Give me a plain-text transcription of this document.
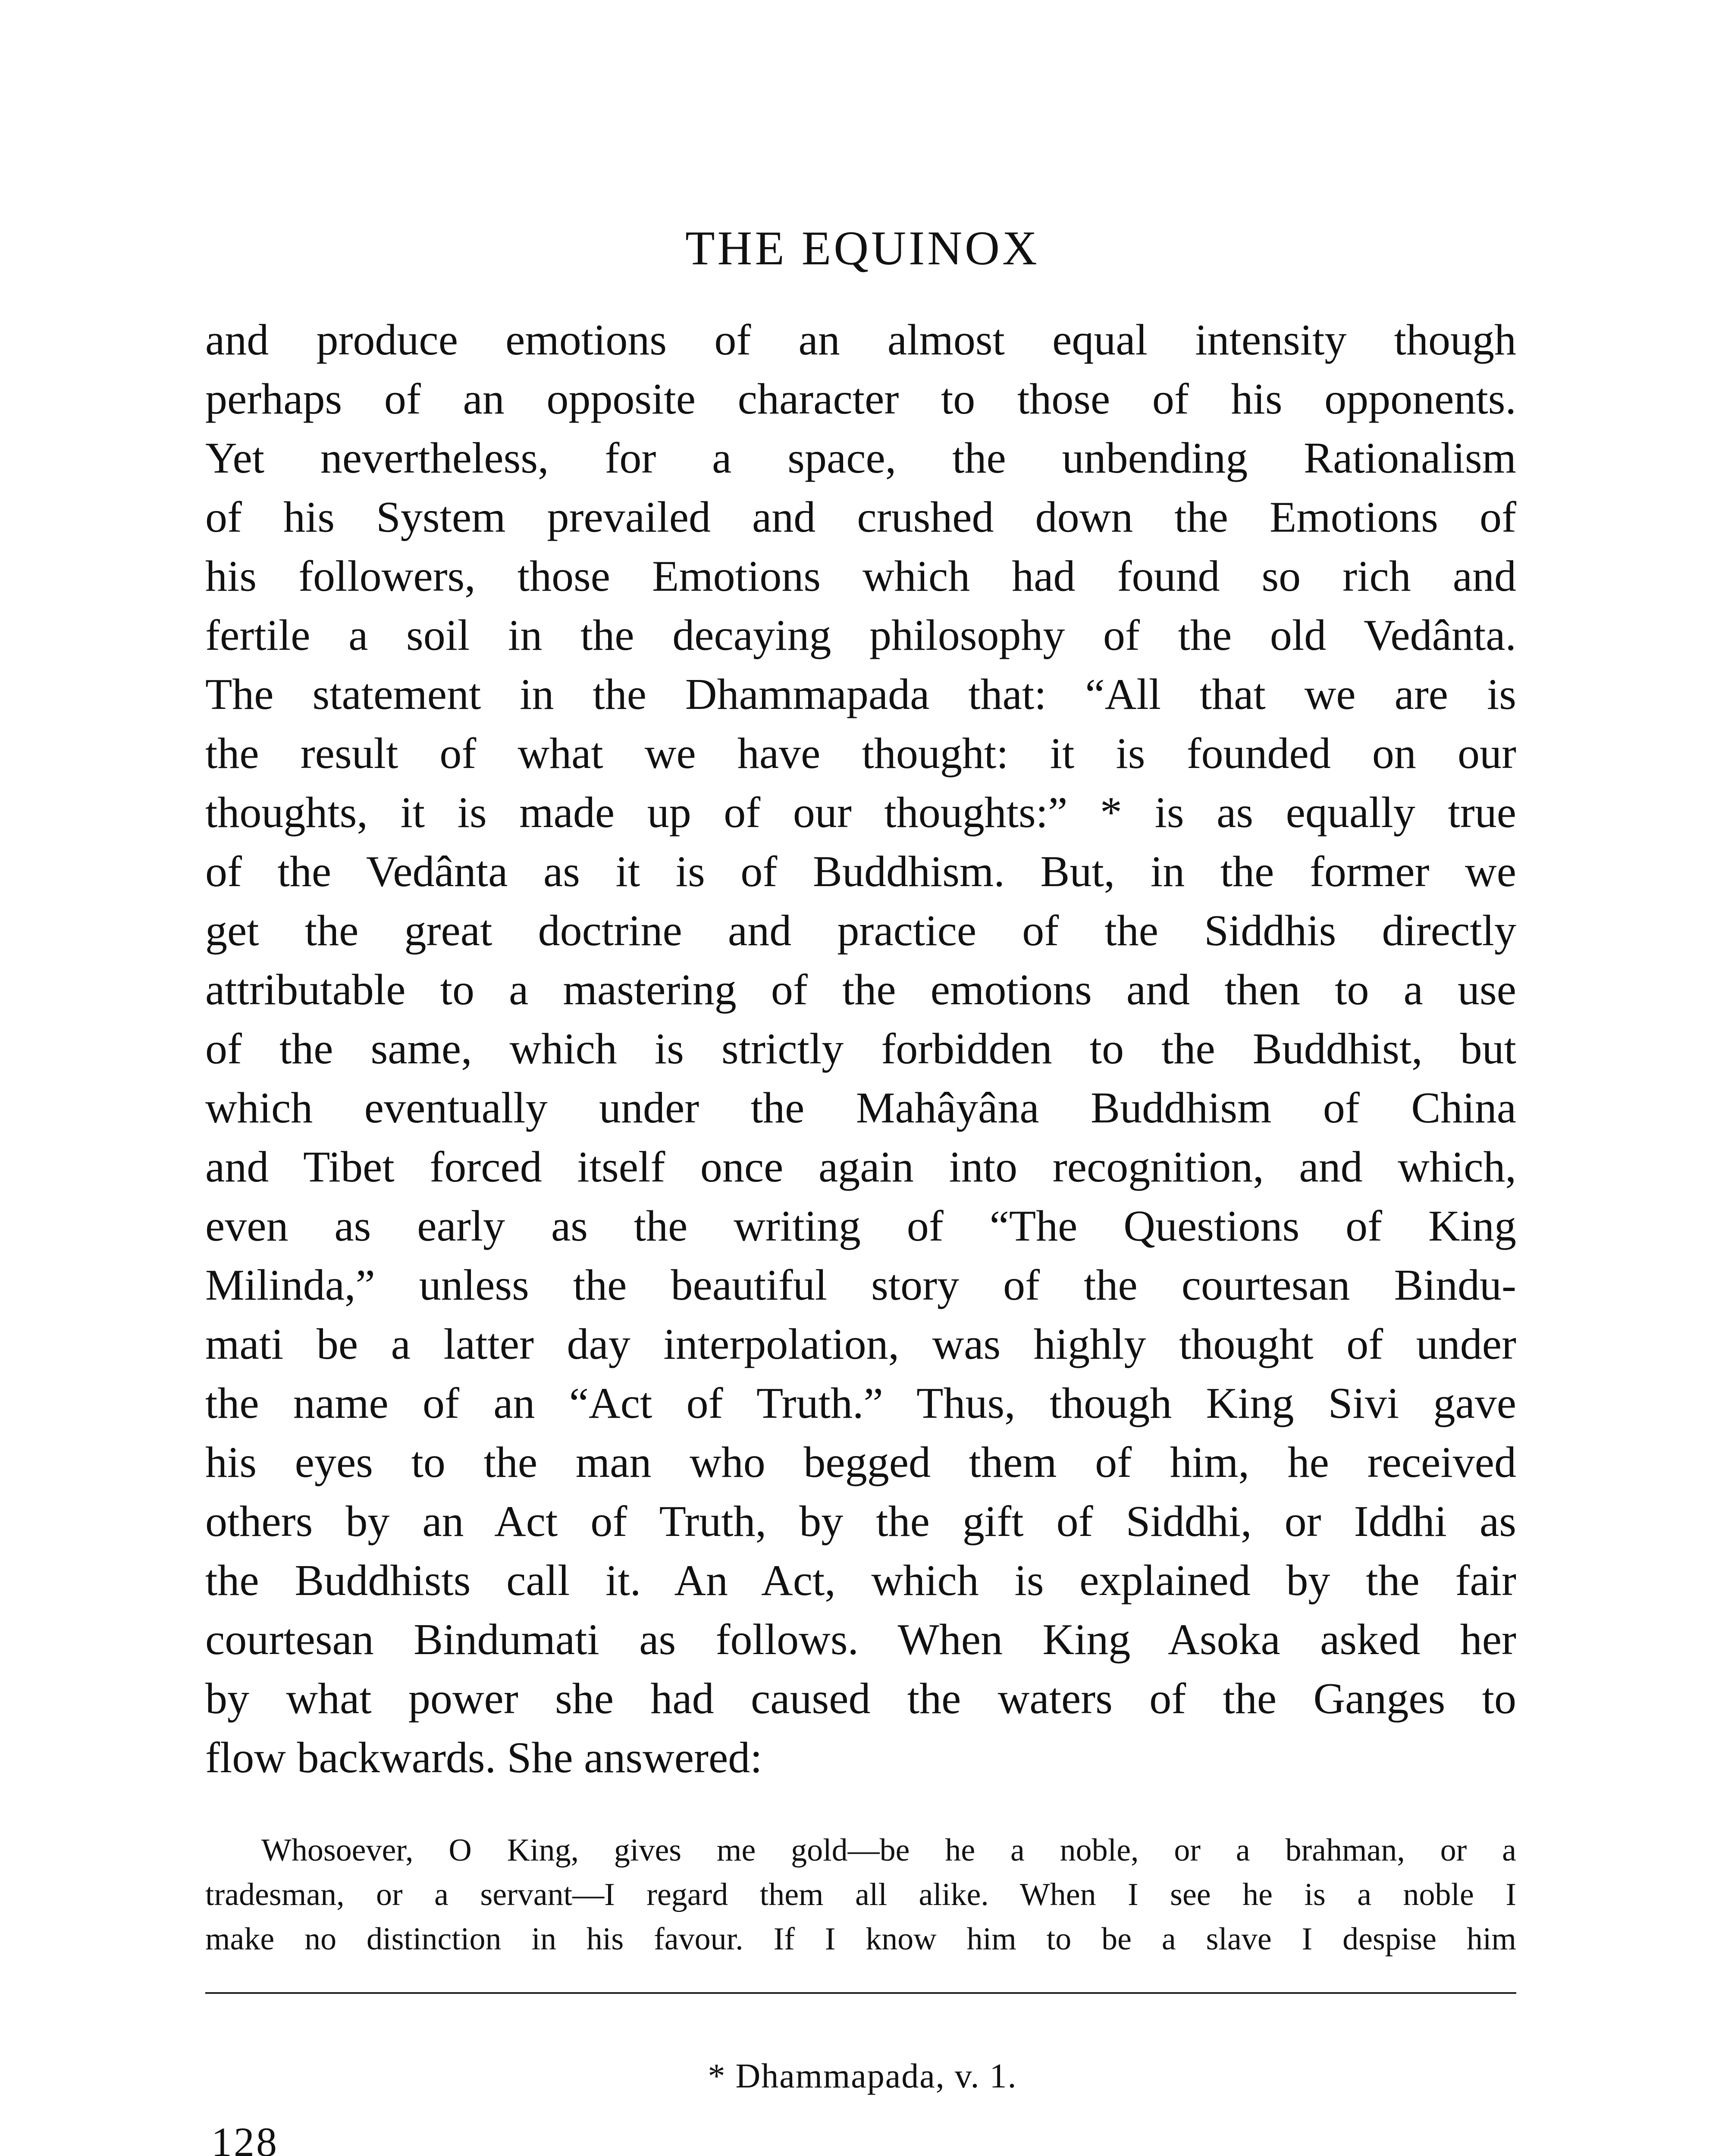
THE EQUINOX
and produce emotions of an almost equal intensity though
perhaps of an opposite character to those of his opponents.
Yet nevertheless, for a space, the unbending Rationalism
of his System prevailed and crushed down the Emotions of
his followers, those Emotions which had found so rich and
fertile a soil in the decaying philosophy of the old Vedânta.
The statement in the Dhammapada that: “All that we are is
the result of what we have thought: it is founded on our
thoughts, it is made up of our thoughts:” * is as equally true
of the Vedânta as it is of Buddhism. But, in the former we
get the great doctrine and practice of the Siddhis directly
attributable to a mastering of the emotions and then to a use
of the same, which is strictly forbidden to the Buddhist, but
which eventually under the Mahâyâna Buddhism of China
and Tibet forced itself once again into recognition, and which,
even as early as the writing of “The Questions of King
Milinda,” unless the beautiful story of the courtesan Bindu-
mati be a latter day interpolation, was highly thought of under
the name of an “Act of Truth.” Thus, though King Sivi gave
his eyes to the man who begged them of him, he received
others by an Act of Truth, by the gift of Siddhi, or Iddhi as
the Buddhists call it. An Act, which is explained by the fair
courtesan Bindumati as follows. When King Asoka asked her
by what power she had caused the waters of the Ganges to
flow backwards. She answered:
Whosoever, O King, gives me gold—be he a noble, or a brahman, or a
tradesman, or a servant—I regard them all alike. When I see he is a noble I
make no distinction in his favour. If I know him to be a slave I despise him
* Dhammapada, v. 1.
128
